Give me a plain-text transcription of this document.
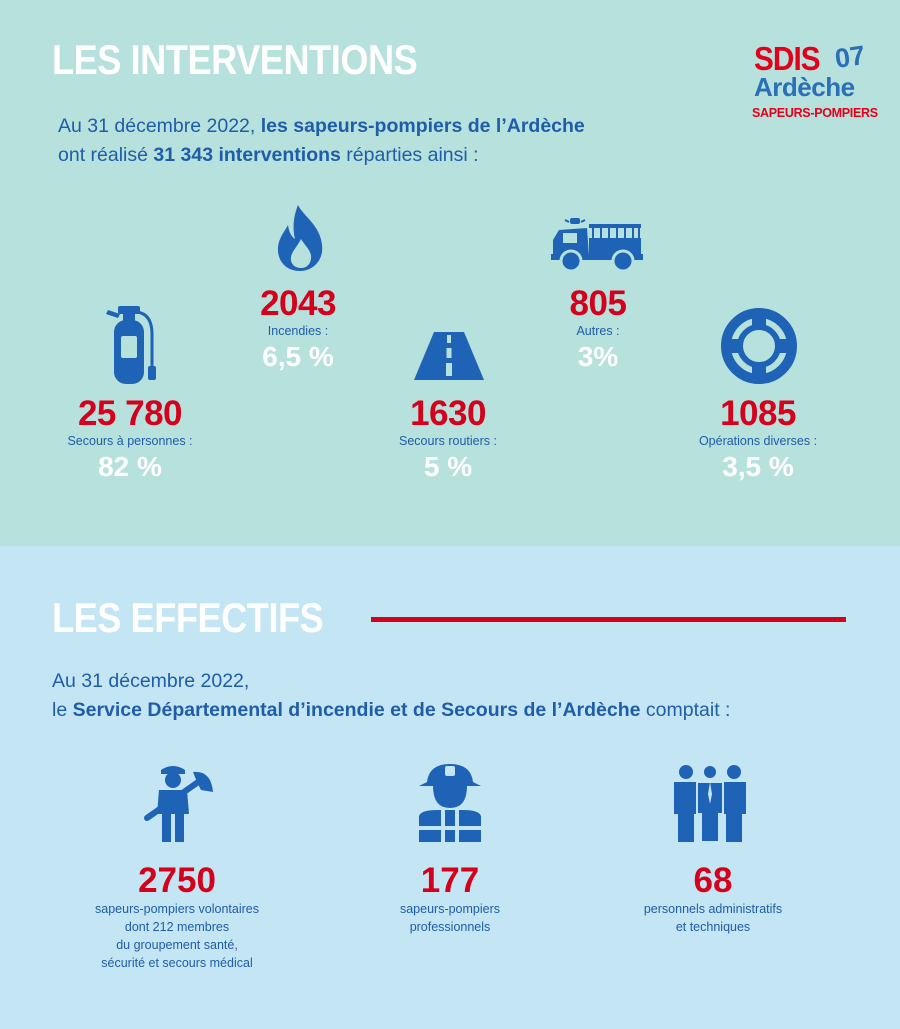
LES INTERVENTIONS
Au 31 décembre 2022, les sapeurs-pompiers de l’Ardèche
ont réalisé 31 343 interventions réparties ainsi :
SDIS 07
Ardèche
SAPEURS-POMPIERS
25 780
Secours à personnes :
82 %
2043
Incendies :
6,5 %
1630
Secours routiers :
5 %
805
Autres :
3%
1085
Opérations diverses :
3,5 %
LES EFFECTIFS
Au 31 décembre 2022,
le Service Départemental d’incendie et de Secours de l’Ardèche comptait :
2750
sapeurs-pompiers volontaires
dont 212 membres
du groupement santé,
sécurité et secours médical
177
sapeurs-pompiers
professionnels
68
personnels administratifs
et techniques
